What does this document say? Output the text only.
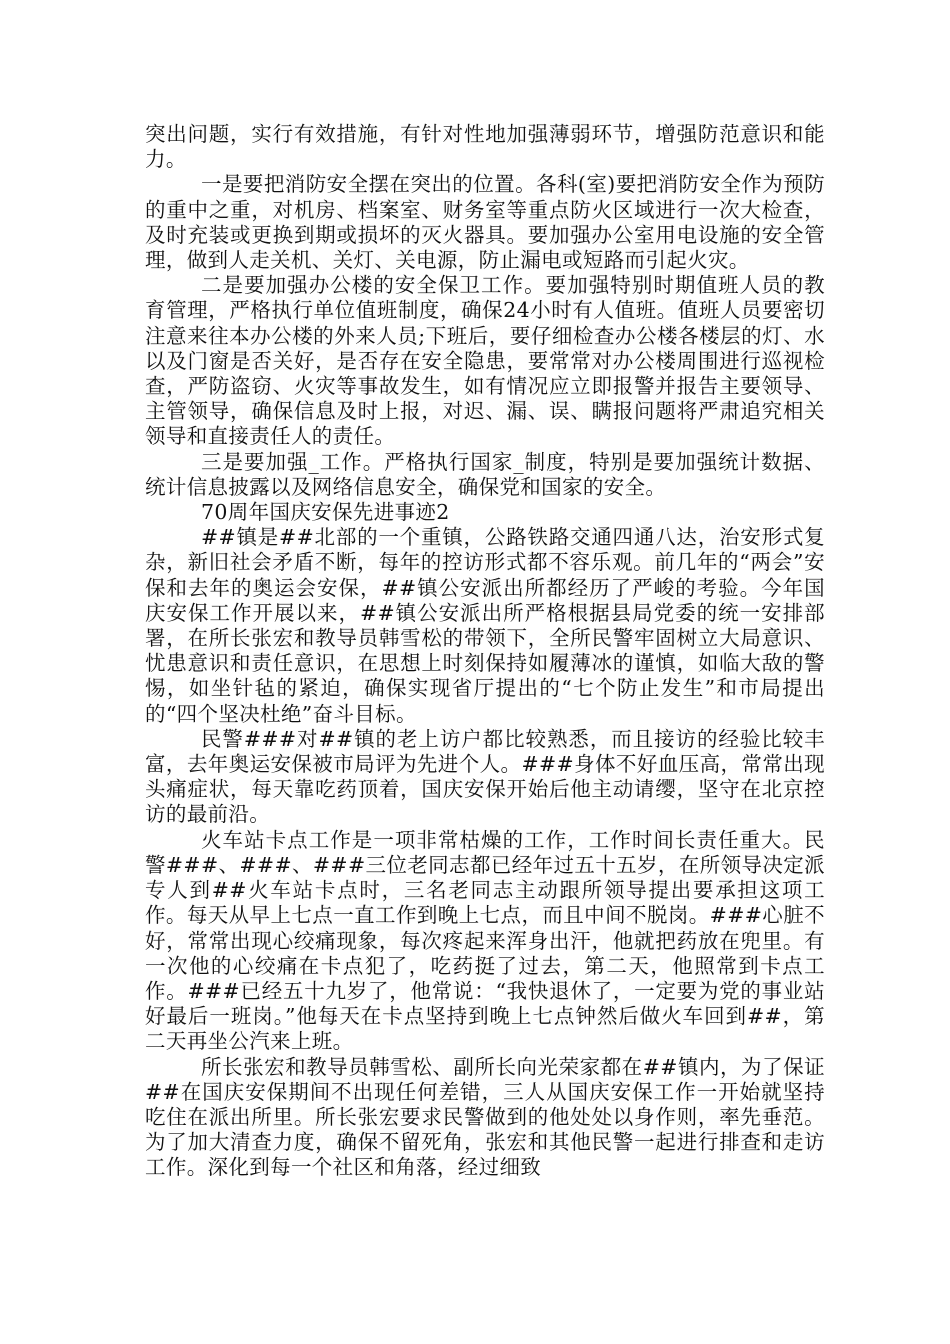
突出问题，实行有效措施，有针对性地加强薄弱环节，增强防范意识和能力。

一是要把消防安全摆在突出的位置。各科(室)要把消防安全作为预防的重中之重，对机房、档案室、财务室等重点防火区域进行一次大检查，及时充装或更换到期或损坏的灭火器具。要加强办公室用电设施的安全管理，做到人走关机、关灯、关电源，防止漏电或短路而引起火灾。

二是要加强办公楼的安全保卫工作。要加强特别时期值班人员的教育管理，严格执行单位值班制度，确保24小时有人值班。值班人员要密切注意来往本办公楼的外来人员;下班后，要仔细检查办公楼各楼层的灯、水以及门窗是否关好，是否存在安全隐患，要常常对办公楼周围进行巡视检查，严防盗窃、火灾等事故发生，如有情况应立即报警并报告主要领导、主管领导，确保信息及时上报，对迟、漏、误、瞒报问题将严肃追究相关领导和直接责任人的责任。

三是要加强_工作。严格执行国家_制度，特别是要加强统计数据、统计信息披露以及网络信息安全，确保党和国家的安全。

70周年国庆安保先进事迹2

##镇是##北部的一个重镇，公路铁路交通四通八达，治安形式复杂，新旧社会矛盾不断，每年的控访形式都不容乐观。前几年的“两会”安保和去年的奥运会安保，##镇公安派出所都经历了严峻的考验。今年国庆安保工作开展以来，##镇公安派出所严格根据县局党委的统一安排部署，在所长张宏和教导员韩雪松的带领下，全所民警牢固树立大局意识、忧患意识和责任意识，在思想上时刻保持如履薄冰的谨慎，如临大敌的警惕，如坐针毡的紧迫，确保实现省厅提出的“七个防止发生”和市局提出的“四个坚决杜绝”奋斗目标。

民警###对##镇的老上访户都比较熟悉，而且接访的经验比较丰富，去年奥运安保被市局评为先进个人。###身体不好血压高，常常出现头痛症状，每天靠吃药顶着，国庆安保开始后他主动请缨，坚守在北京控访的最前沿。

火车站卡点工作是一项非常枯燥的工作，工作时间长责任重大。民警###、###、###三位老同志都已经年过五十五岁，在所领导决定派专人到##火车站卡点时，三名老同志主动跟所领导提出要承担这项工作。每天从早上七点一直工作到晚上七点，而且中间不脱岗。###心脏不好，常常出现心绞痛现象，每次疼起来浑身出汗，他就把药放在兜里。有一次他的心绞痛在卡点犯了，吃药挺了过去，第二天，他照常到卡点工作。###已经五十九岁了，他常说：“我快退休了，一定要为党的事业站好最后一班岗。”他每天在卡点坚持到晚上七点钟然后做火车回到##，第二天再坐公汽来上班。

所长张宏和教导员韩雪松、副所长向光荣家都在##镇内，为了保证##在国庆安保期间不出现任何差错，三人从国庆安保工作一开始就坚持吃住在派出所里。所长张宏要求民警做到的他处处以身作则，率先垂范。为了加大清查力度，确保不留死角，张宏和其他民警一起进行排查和走访工作。深化到每一个社区和角落，经过细致
